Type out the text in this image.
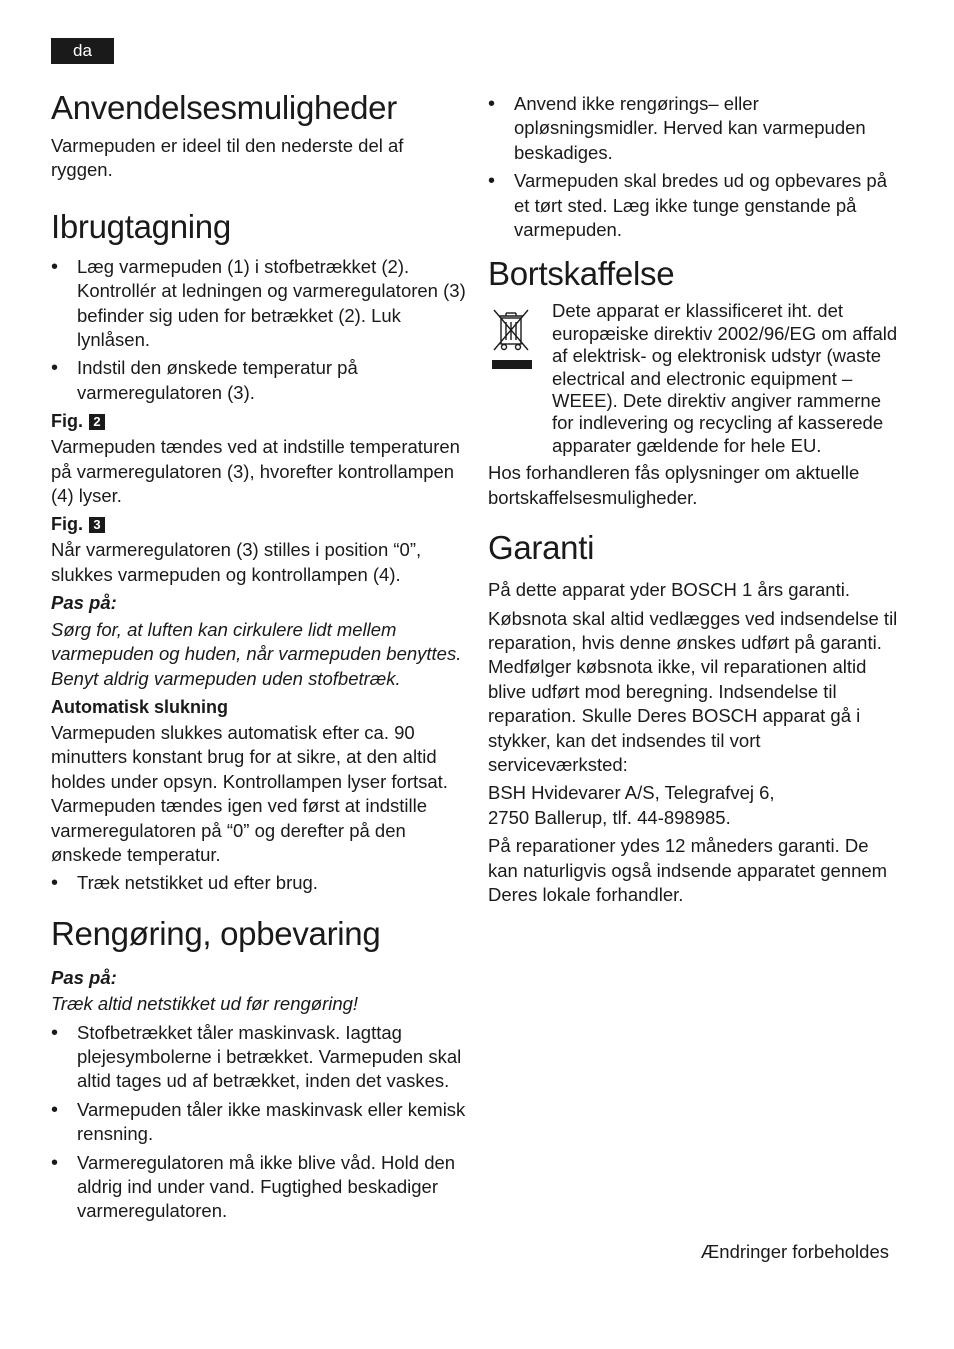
da
Anvendelsesmuligheder

Varmepuden er ideel til den nederste del af ryggen.

Ibrugtagning
• Læg varmepuden (1) i stofbetrækket (2). Kontrollér at ledningen og varmeregulatoren (3) befinder sig uden for betrækket (2). Luk lynlåsen.
• Indstil den ønskede temperatur på varmeregulatoren (3).
Fig. 2

Varmepuden tændes ved at indstille temperaturen på varmeregulatoren (3), hvorefter kontrollampen (4) lyser.

Fig. 3

Når varmeregulatoren (3) stilles i position “0”, slukkes varmepuden og kontrollampen (4).

Pas på:

Sørg for, at luften kan cirkulere lidt mellem varmepuden og huden, når varmepuden benyttes. Benyt aldrig varmepuden uden stofbetræk.

Automatisk slukning

Varmepuden slukkes automatisk efter ca. 90 minutters konstant brug for at sikre, at den altid holdes under opsyn. Kontrollampen lyser fortsat. Varmepuden tændes igen ved først at indstille varmeregulatoren på “0” og derefter på den ønskede temperatur.

• Træk netstikket ud efter brug.
Rengøring, opbevaring

Pas på:

Træk altid netstikket ud før rengøring!

• Stofbetrækket tåler maskinvask. Iagttag plejesymbolerne i betrækket. Varmepuden skal altid tages ud af betrækket, inden det vaskes.
• Varmepuden tåler ikke maskinvask eller kemisk rensning.
• Varmeregulatoren må ikke blive våd. Hold den aldrig ind under vand. Fugtighed beskadiger varmeregulatoren.
• Anvend ikke rengørings– eller opløsningsmidler. Herved kan varmepuden beskadiges.
• Varmepuden skal bredes ud og opbevares på et tørt sted. Læg ikke tunge genstande på varmepuden.
Bortskaffelse

Dete apparat er klassificeret iht. det europæiske direktiv 2002/96/EG om affald af elektrisk- og elektronisk udstyr (waste electrical and electronic equipment – WEEE). Dete direktiv angiver rammerne for indlevering og recycling af kasserede apparater gældende for hele EU.

Hos forhandleren fås oplysninger om aktuelle bortskaffelsesmuligheder.

Garanti

På dette apparat yder BOSCH 1 års garanti.

Købsnota skal altid vedlægges ved indsendelse til reparation, hvis denne ønskes udført på garanti. Medfølger købsnota ikke, vil reparationen altid blive udført mod beregning. Indsendelse til reparation. Skulle Deres BOSCH apparat gå i stykker, kan det indsendes til vort serviceværksted:

BSH Hvidevarer A/S, Telegrafvej 6, 2750 Ballerup, tlf. 44-898985.

På reparationer ydes 12 måneders garanti. De kan naturligvis også indsende apparatet gennem Deres lokale forhandler.

Ændringer forbeholdes
